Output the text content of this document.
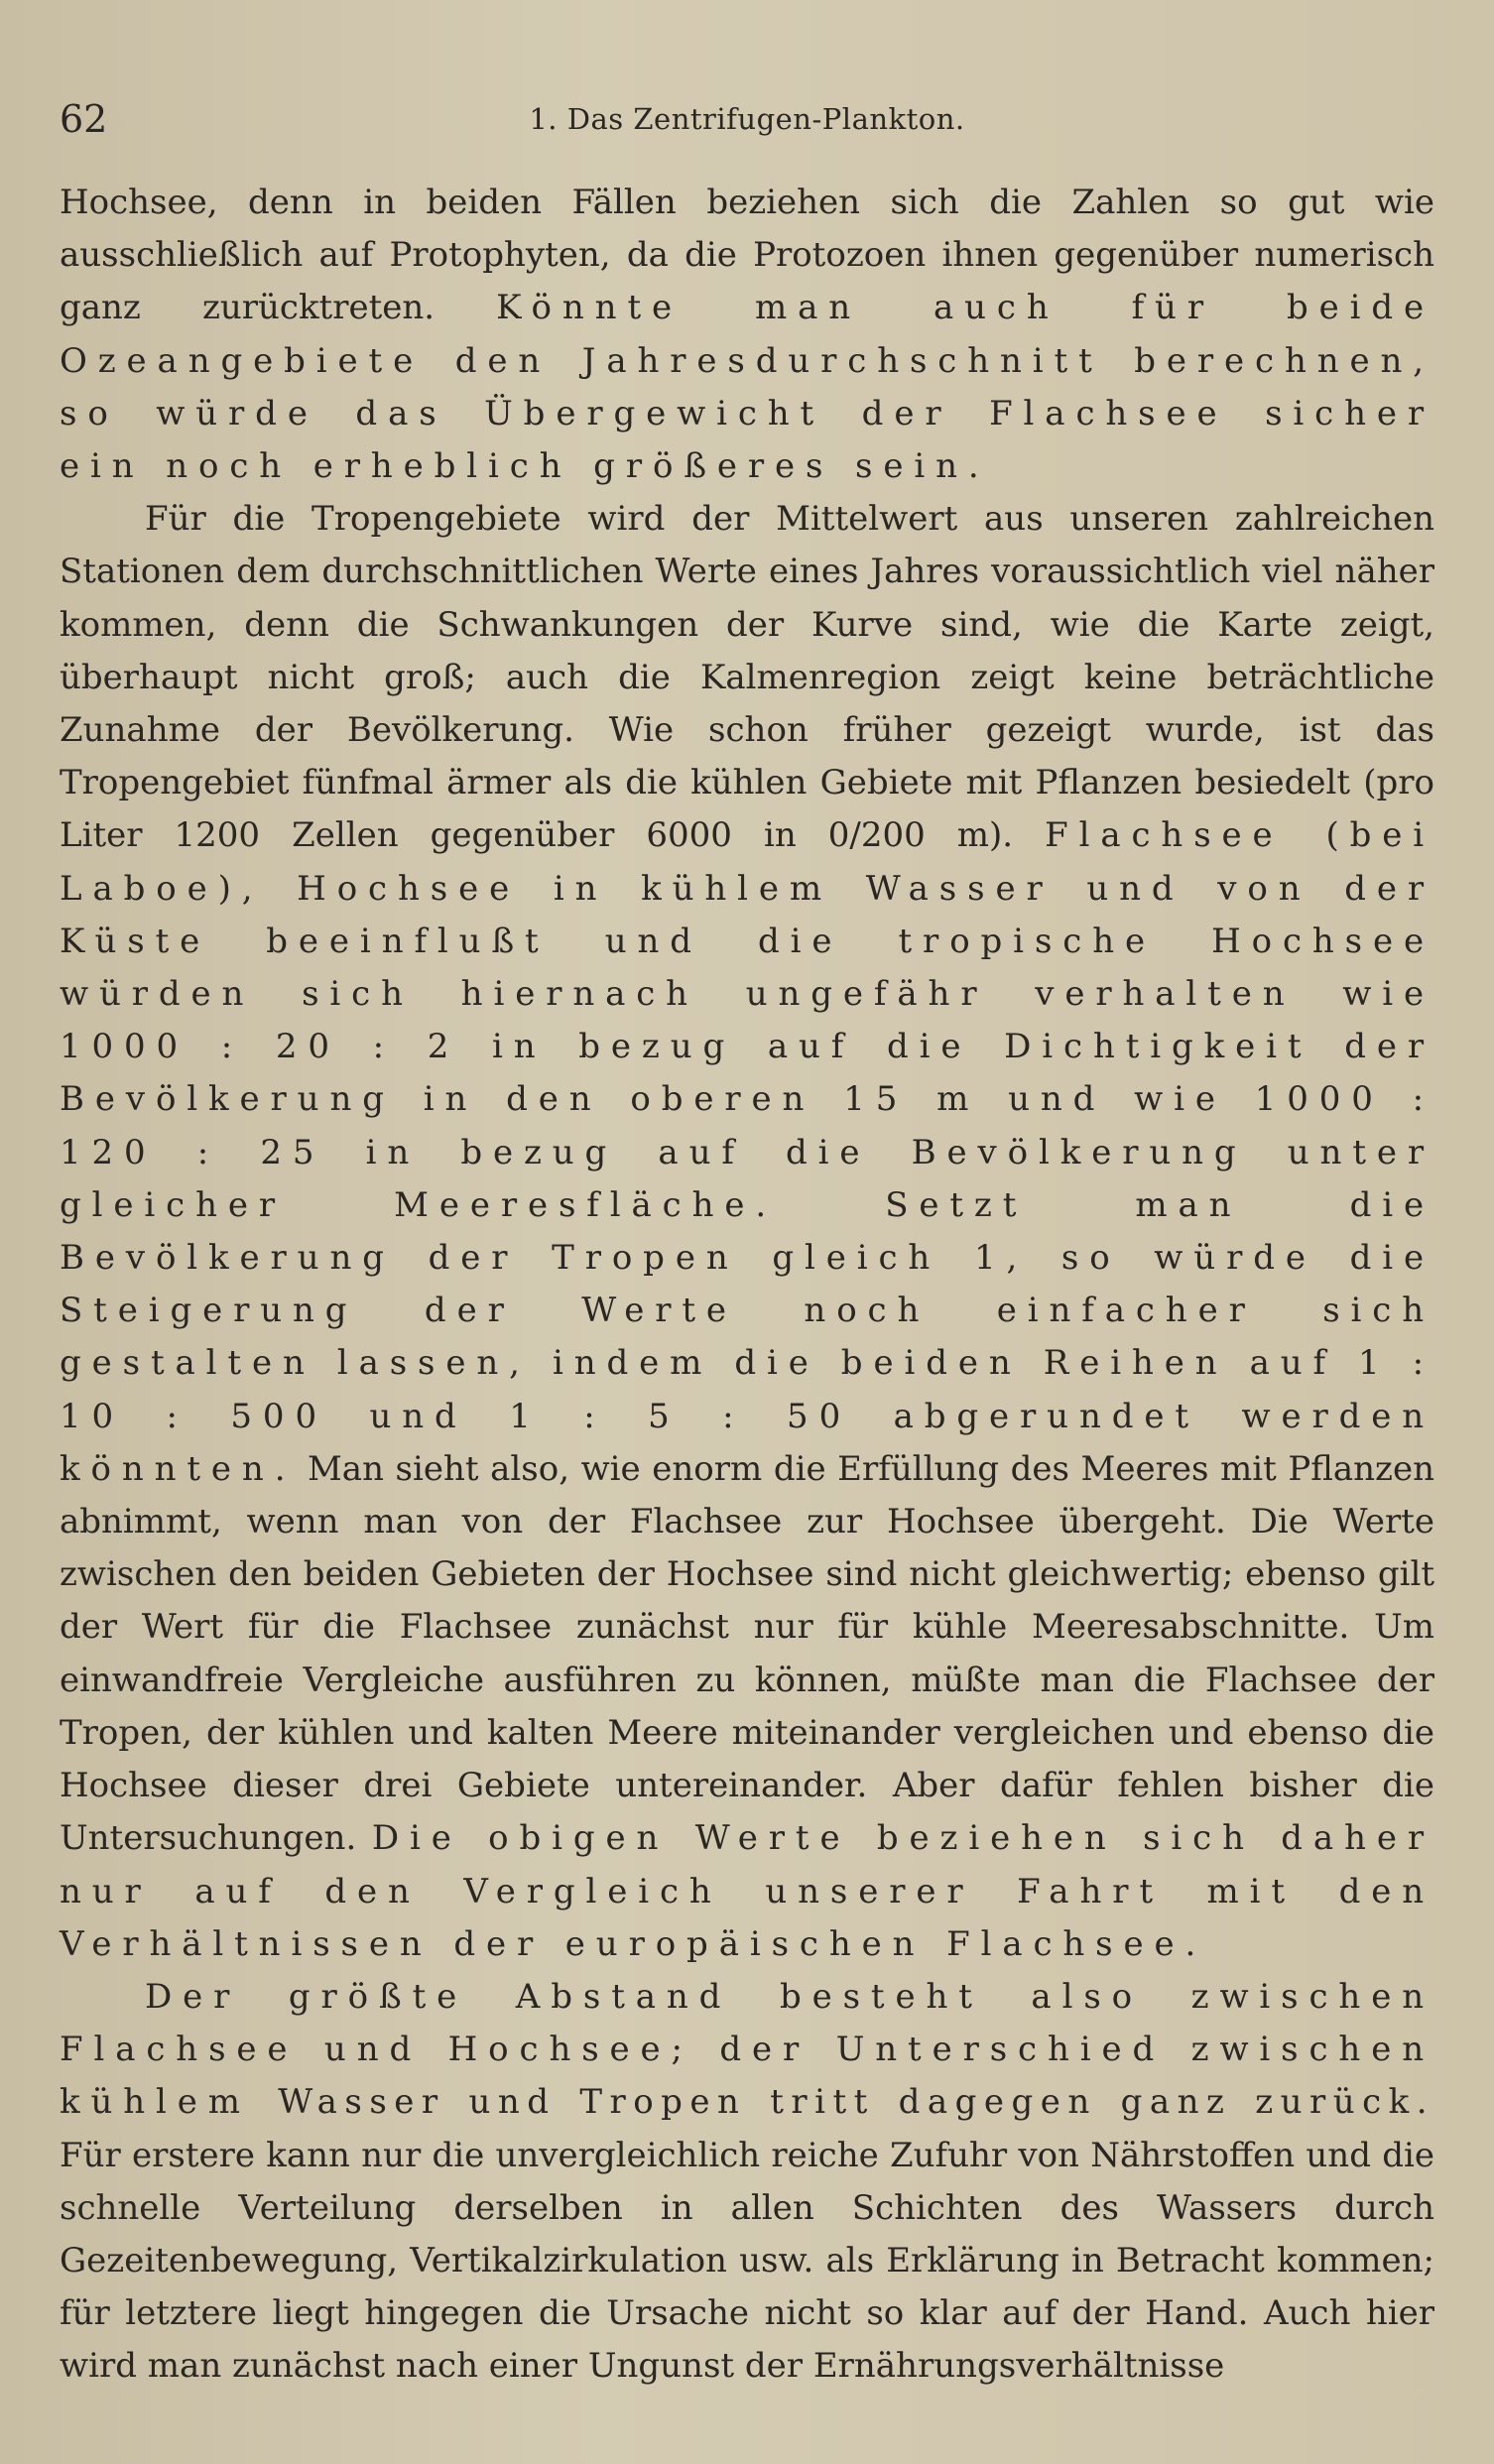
62	1. Das Zentrifugen-Plankton.

Hochsee, denn in beiden Fällen beziehen sich die Zahlen so gut wie ausschließlich auf Protophyten, da die Protozoen ihnen gegenüber numerisch ganz zurücktreten. Könnte man auch für beide Ozeangebiete den Jahresdurchschnitt berechnen, so würde das Übergewicht der Flachsee sicher ein noch erheblich größeres sein.

Für die Tropengebiete wird der Mittelwert aus unseren zahlreichen Stationen dem durchschnittlichen Werte eines Jahres voraussichtlich viel näher kommen, denn die Schwankungen der Kurve sind, wie die Karte zeigt, überhaupt nicht groß; auch die Kalmenregion zeigt keine beträchtliche Zunahme der Bevölkerung. Wie schon früher gezeigt wurde, ist das Tropengebiet fünfmal ärmer als die kühlen Gebiete mit Pflanzen besiedelt (pro Liter 1200 Zellen gegenüber 6000 in 0/200 m). Flachsee (bei Laboe), Hochsee in kühlem Wasser und von der Küste beeinflußt und die tropische Hochsee würden sich hiernach ungefähr verhalten wie 1000 : 20 : 2 in bezug auf die Dichtigkeit der Bevölkerung in den oberen 15 m und wie 1000 : 120 : 25 in bezug auf die Bevölkerung unter gleicher Meeresfläche. Setzt man die Bevölkerung der Tropen gleich 1, so würde die Steigerung der Werte noch einfacher sich gestalten lassen, indem die beiden Reihen auf 1 : 10 : 500 und 1 : 5 : 50 abgerundet werden könnten. Man sieht also, wie enorm die Erfüllung des Meeres mit Pflanzen abnimmt, wenn man von der Flachsee zur Hochsee übergeht. Die Werte zwischen den beiden Gebieten der Hochsee sind nicht gleichwertig; ebenso gilt der Wert für die Flachsee zunächst nur für kühle Meeresabschnitte. Um einwandfreie Vergleiche ausführen zu können, müßte man die Flachsee der Tropen, der kühlen und kalten Meere miteinander vergleichen und ebenso die Hochsee dieser drei Gebiete untereinander. Aber dafür fehlen bisher die Untersuchungen. Die obigen Werte beziehen sich daher nur auf den Vergleich unserer Fahrt mit den Verhältnissen der europäischen Flachsee.

Der größte Abstand besteht also zwischen Flachsee und Hochsee; der Unterschied zwischen kühlem Wasser und Tropen tritt dagegen ganz zurück. Für erstere kann nur die unvergleichlich reiche Zufuhr von Nährstoffen und die schnelle Verteilung derselben in allen Schichten des Wassers durch Gezeitenbewegung, Vertikalzirkulation usw. als Erklärung in Betracht kommen; für letztere liegt hingegen die Ursache nicht so klar auf der Hand. Auch hier wird man zunächst nach einer Ungunst der Ernährungsverhältnisse
